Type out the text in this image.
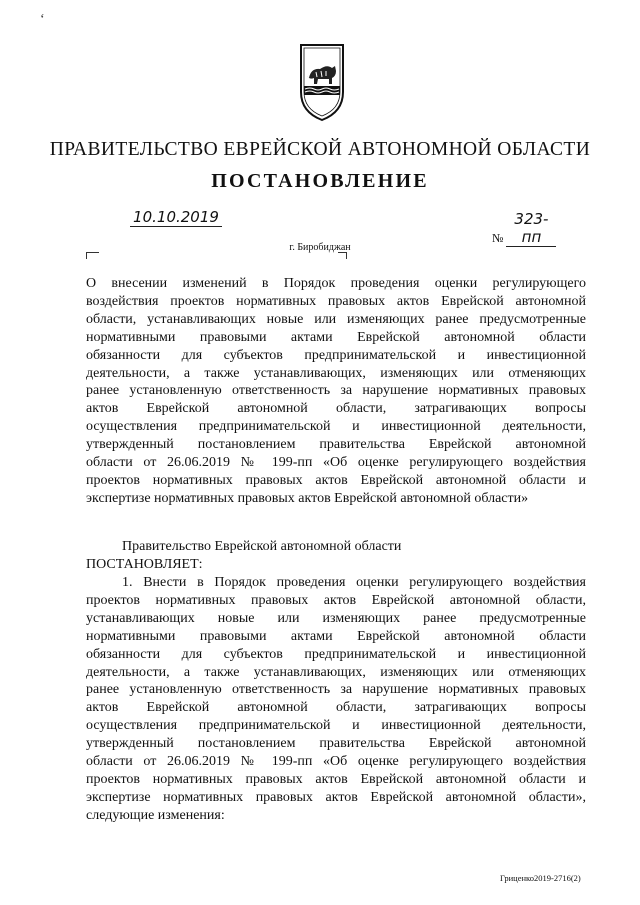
ʻ
ПРАВИТЕЛЬСТВО ЕВРЕЙСКОЙ АВТОНОМНОЙ ОБЛАСТИ
ПОСТАНОВЛЕНИЕ
10.10.2019
№ 323-пп
г. Биробиджан
О внесении изменений в Порядок проведения оценки регулирующего
воздействия проектов нормативных правовых актов Еврейской автономной
области, устанавливающих новые или изменяющих ранее предусмотренные
нормативными правовыми актами Еврейской автономной области
обязанности для субъектов предпринимательской и инвестиционной
деятельности, а также устанавливающих, изменяющих или отменяющих
ранее установленную ответственность за нарушение нормативных правовых
актов Еврейской автономной области, затрагивающих вопросы
осуществления предпринимательской и инвестиционной деятельности,
утвержденный постановлением правительства Еврейской автономной
области от 26.06.2019 № 199-пп «Об оценке регулирующего воздействия
проектов нормативных правовых актов Еврейской автономной области и
экспертизе нормативных правовых актов Еврейской автономной области»
Правительство Еврейской автономной области
ПОСТАНОВЛЯЕТ:
1. Внести в Порядок проведения оценки регулирующего воздействия
проектов нормативных правовых актов Еврейской автономной области,
устанавливающих новые или изменяющих ранее предусмотренные
нормативными правовыми актами Еврейской автономной области
обязанности для субъектов предпринимательской и инвестиционной
деятельности, а также устанавливающих, изменяющих или отменяющих
ранее установленную ответственность за нарушение нормативных правовых
актов Еврейской автономной области, затрагивающих вопросы
осуществления предпринимательской и инвестиционной деятельности,
утвержденный постановлением правительства Еврейской автономной
области от 26.06.2019 № 199-пп «Об оценке регулирующего воздействия
проектов нормативных правовых актов Еврейской автономной области и
экспертизе нормативных правовых актов Еврейской автономной области»,
следующие изменения:
Гриценко2019-2716(2)
